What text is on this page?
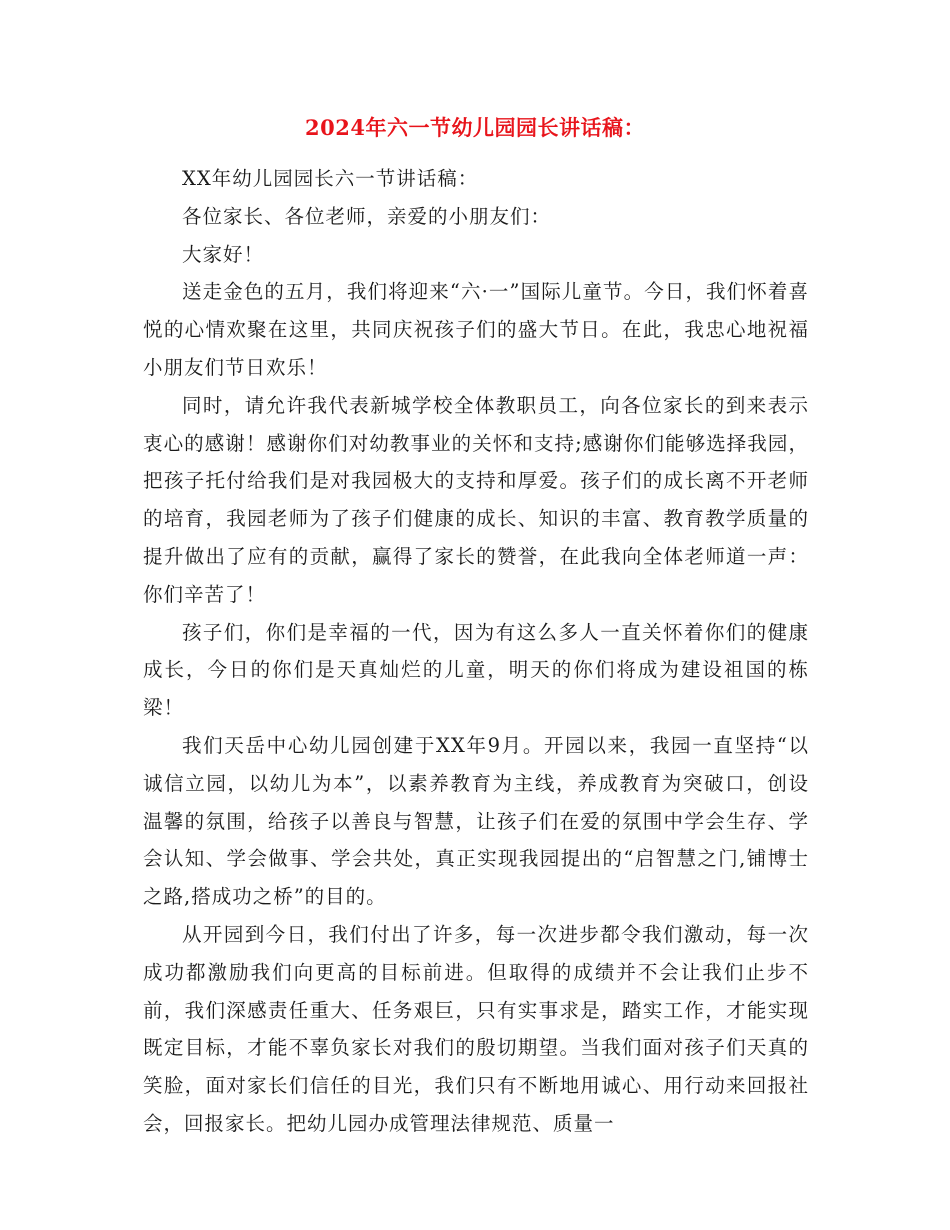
2024年六一节幼儿园园长讲话稿：

XX年幼儿园园长六一节讲话稿：

各位家长、各位老师，亲爱的小朋友们：

大家好！

送走金色的五月，我们将迎来“六·一”国际儿童节。今日，我们怀着喜悦的心情欢聚在这里，共同庆祝孩子们的盛大节日。在此，我忠心地祝福小朋友们节日欢乐！

同时，请允许我代表新城学校全体教职员工，向各位家长的到来表示衷心的感谢！感谢你们对幼教事业的关怀和支持;感谢你们能够选择我园，把孩子托付给我们是对我园极大的支持和厚爱。孩子们的成长离不开老师的培育，我园老师为了孩子们健康的成长、知识的丰富、教育教学质量的提升做出了应有的贡献，赢得了家长的赞誉，在此我向全体老师道一声：你们辛苦了！

孩子们，你们是幸福的一代，因为有这么多人一直关怀着你们的健康成长，今日的你们是天真灿烂的儿童，明天的你们将成为建设祖国的栋梁！

我们天岳中心幼儿园创建于XX年9月。开园以来，我园一直坚持“以诚信立园，以幼儿为本”，以素养教育为主线，养成教育为突破口，创设温馨的氛围，给孩子以善良与智慧，让孩子们在爱的氛围中学会生存、学会认知、学会做事、学会共处，真正实现我园提出的“启智慧之门,铺博士之路,搭成功之桥”的目的。

从开园到今日，我们付出了许多，每一次进步都令我们激动，每一次成功都激励我们向更高的目标前进。但取得的成绩并不会让我们止步不前，我们深感责任重大、任务艰巨，只有实事求是，踏实工作，才能实现既定目标，才能不辜负家长对我们的殷切期望。当我们面对孩子们天真的笑脸，面对家长们信任的目光，我们只有不断地用诚心、用行动来回报社会，回报家长。把幼儿园办成管理法律规范、质量一
